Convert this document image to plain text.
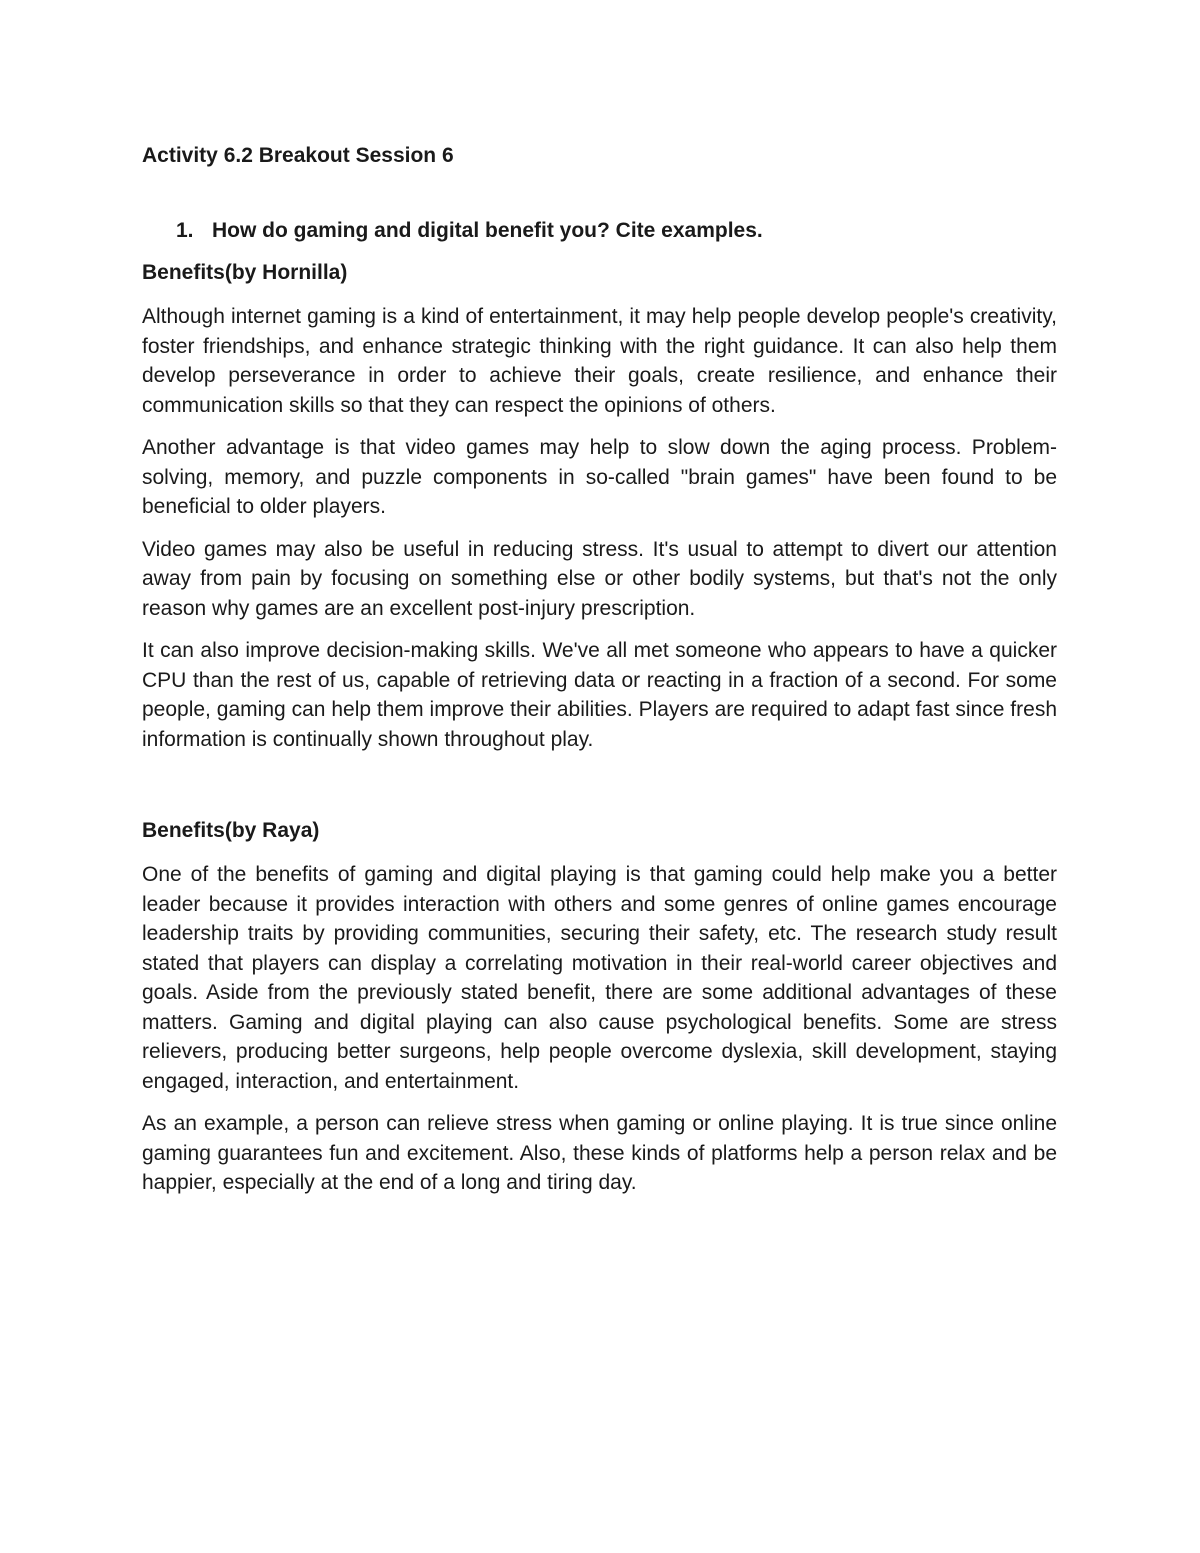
Activity 6.2 Breakout Session 6
1. How do gaming and digital benefit you? Cite examples.
Benefits(by Hornilla)

Although internet gaming is a kind of entertainment, it may help people develop people's creativity, foster friendships, and enhance strategic thinking with the right guidance. It can also help them develop perseverance in order to achieve their goals, create resilience, and enhance their communication skills so that they can respect the opinions of others.

Another advantage is that video games may help to slow down the aging process. Problem-solving, memory, and puzzle components in so-called "brain games" have been found to be beneficial to older players.

Video games may also be useful in reducing stress. It's usual to attempt to divert our attention away from pain by focusing on something else or other bodily systems, but that's not the only reason why games are an excellent post-injury prescription.

It can also improve decision-making skills. We've all met someone who appears to have a quicker CPU than the rest of us, capable of retrieving data or reacting in a fraction of a second. For some people, gaming can help them improve their abilities. Players are required to adapt fast since fresh information is continually shown throughout play.

Benefits(by Raya)

One of the benefits of gaming and digital playing is that gaming could help make you a better leader because it provides interaction with others and some genres of online games encourage leadership traits by providing communities, securing their safety, etc. The research study result stated that players can display a correlating motivation in their real-world career objectives and goals. Aside from the previously stated benefit, there are some additional advantages of these matters. Gaming and digital playing can also cause psychological benefits. Some are stress relievers, producing better surgeons, help people overcome dyslexia, skill development, staying engaged, interaction, and entertainment.

As an example, a person can relieve stress when gaming or online playing. It is true since online gaming guarantees fun and excitement. Also, these kinds of platforms help a person relax and be happier, especially at the end of a long and tiring day.
